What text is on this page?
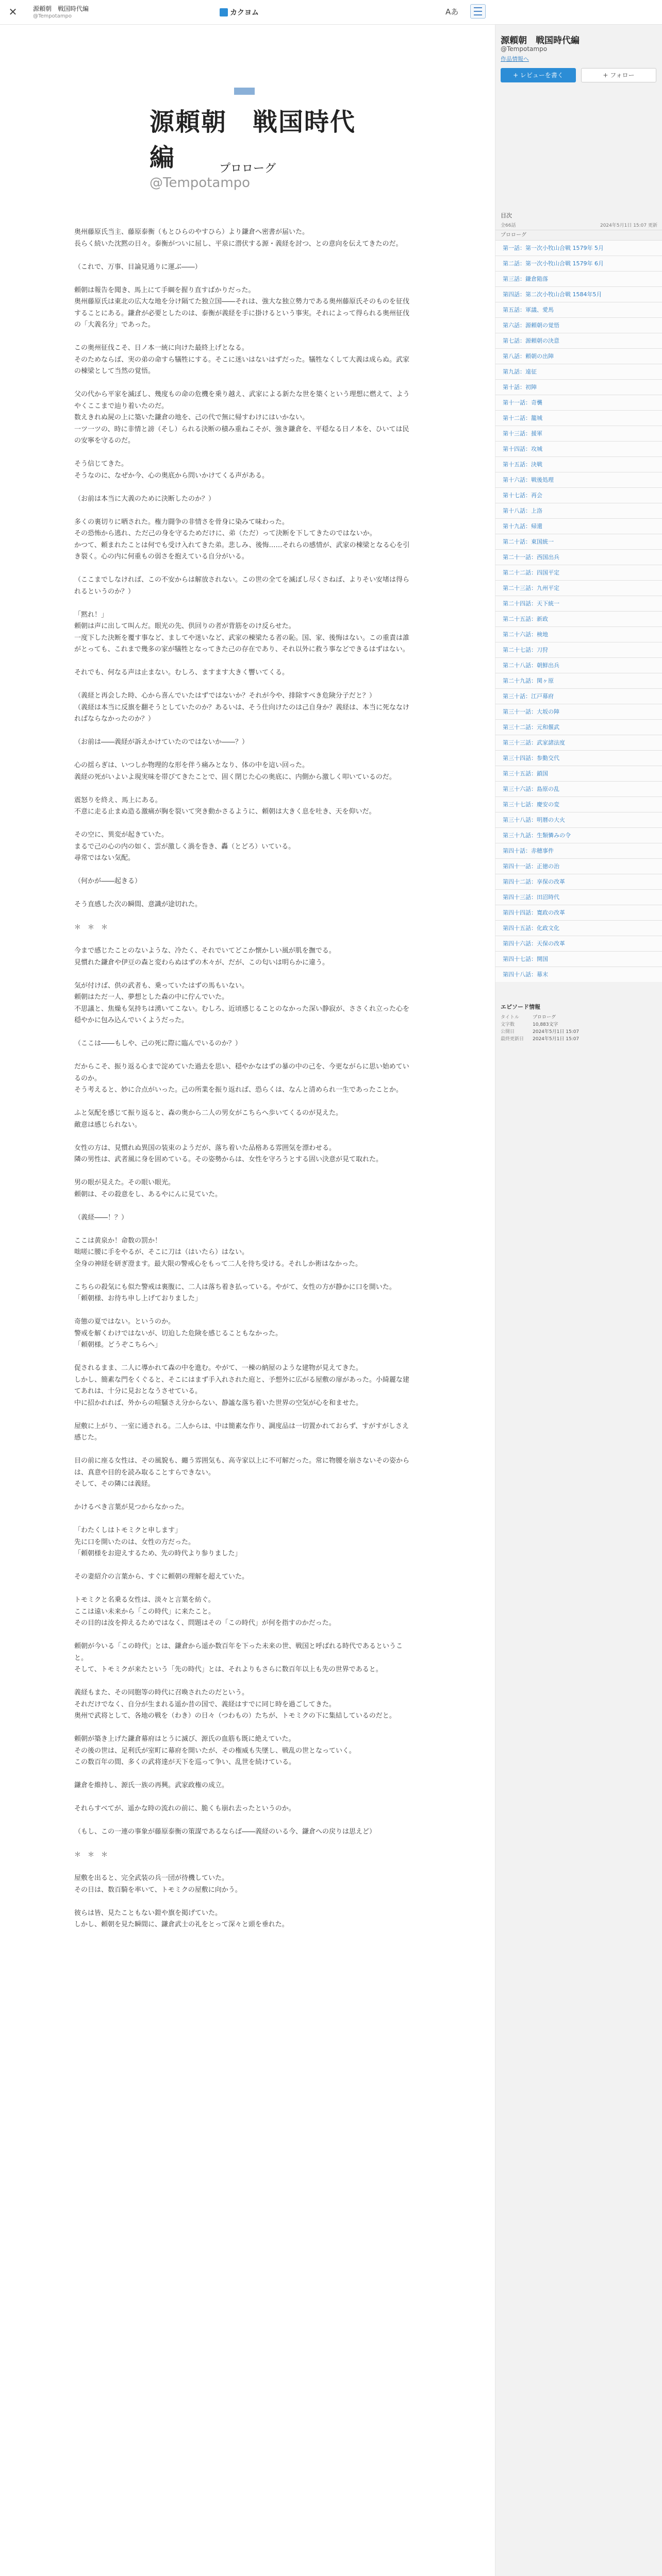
✕	源頼朝　戦国時代編
@Tempotampo	カクヨム	Aあ
源頼朝　戦国時代編
@Tempotampo
プロローグ

奥州藤原氏当主、藤原泰衡（もとひらのやすひら）より鎌倉へ密書が届いた。

長らく続いた沈黙の日々。泰衡がついに屈し、平泉に潜伏する源・義経を討つ、との意向を伝えてきたのだ。

（これで、万事、目論見通りに運ぶ――）

頼朝は報告を聞き、馬上にて手綱を握り直すばかりだった。

奥州藤原氏は東北の広大な地を分け隔てた独立国――それは、強大な独立勢力である奥州藤原氏そのものを征伐することにある。鎌倉が必要としたのは、泰衡が義経を手に掛けるという事実。それによって得られる奥州征伐の「大義名分」であった。

この奥州征伐こそ、日ノ本一統に向けた最終上げとなる。

そのためならば、実の弟の命すら犠牲にする。そこに迷いはないはずだった。犠牲なくして大義は成らぬ。武家の棟梁として当然の覚悟。

父の代から平家を滅ぼし、幾度もの命の危機を乗り越え、武家による新たな世を築くという理想に燃えて、ようやくここまで辿り着いたのだ。

数えきれぬ屍の上に築いた鎌倉の地を、己の代で無に帰すわけにはいかない。

一ツ一ツの、時に非情と謗（そし）られる決断の積み重ねこそが、強き鎌倉を、平穏なる日ノ本を、ひいては民の安寧を守るのだ。

そう信じてきた。

そうなのに、なぜか今、心の奥底から問いかけてくる声がある。

（お前は本当に大義のために決断したのか？）

多くの裏切りに晒された。権力闘争の非情さを骨身に染みて味わった。

その恐怖から逃れ、ただ己の身を守るためだけに、弟（ただ）って決断を下してきたのではないか。

かつて、頼まれたことは何でも受け入れてきた弟。悲しみ、後悔……それらの感情が、武家の棟梁となる心を引き裂く。心の内に何重もの弱さを抱えている自分がいる。

（ここまでしなければ、この不安からは解放されない。この世の全てを滅ぼし尽くさねば、よりそい安堵は得られるというのか？）

「黙れ！」

頼朝は声に出して叫んだ。眼光の先、供回りの者が背筋をのけ反らせた。

一度下した決断を覆す事など、ましてや迷いなど、武家の棟梁たる者の恥。国、家、後悔はない。この重責は誰がとっても、これまで幾多の家が犠牲となってきた己の存在であり、それ以外に救う事などできるはずはない。

それでも、何なる声は止まない。むしろ、ますます大きく響いてくる。

（義経と再会した時、心から喜んでいたはずではないか？それが今や、排除すべき危険分子だと？）

（義経は本当に反旗を翻そうとしていたのか？あるいは、そう仕向けたのは己自身か？義経は、本当に死ななければならなかったのか？）

（お前は――義経が訴えかけていたのではないか――？）

心の揺らぎは、いつしか物理的な形を伴う痛みとなり、体の中を這い回った。

義経の死がいよいよ現実味を帯びてきたことで、固く閉じた心の奥底に、内側から激しく叩いているのだ。

震怒りを終え、馬上にある。

不意に走る止まぬ造る激痛が胸を裂いて突き動かさるように、頼朝は大きく息を吐き、天を仰いだ。

その空に、異変が起きていた。

まるで己の心の内の如く、雲が激しく渦を巻き、轟（とどろ）いている。

尋常ではない気配。

（何かが――起きる）

そう直感した次の瞬間、意識が途切れた。

＊　＊　＊

今まで感じたことのないような、冷たく、それでいてどこか懐かしい風が肌を撫でる。

見慣れた鎌倉や伊豆の森と変わらぬはずの木々が、だが、この匂いは明らかに違う。

気が付けば、供の武者も、乗っていたはずの馬もいない。

頼朝はただ一人、夢想とした森の中に佇んでいた。

不思議と、焦燥も気持ちは湧いてこない。むしろ、近頃感じることのなかった深い静寂が、ささくれ立った心を穏やかに包み込んでいくようだった。

（ここは――もしや、己の死に際に臨んでいるのか？）

だからこそ、振り返る心まで淀めていた過去を思い、穏やかなはずの暴の中の己を、今更ながらに思い始めているのか。

そう考えると、妙に合点がいった。己の所業を振り返れば、恐らくは、なんと清められ一生であったことか。

ふと気配を感じて振り返ると、森の奥から二人の男女がこちらへ歩いてくるのが見えた。

敵意は感じられない。

女性の方は、見慣れぬ異国の装束のようだが、落ち着いた品格ある雰囲気を漂わせる。

隣の男性は、武者風に身を固めている。その姿勢からは、女性を守ろうとする固い決意が見て取れた。

男の眼が見えた。その眼い眼光。

頼朝は、その殺意をし、あるやにんに見ていた。

（義経――！？）

ここは黄泉か！命数の罰か！

咄嗟に腰に手をやるが、そこに刀は（はいたら）はない。

全身の神経を研ぎ澄ます。最大限の警戒心をもって二人を待ち受ける。それしか術はなかった。

こちらの殺気にも似た警戒は裏腹に、二人は落ち着き払っている。やがて、女性の方が静かに口を開いた。

「頼朝様、お待ち申し上げておりました」

奇態の夏ではない。というのか。

警戒を解くわけではないが、切迫した危険を感じることもなかった。

「頼朝様。どうぞこちらへ」

促されるまま、二人に導かれて森の中を進む。やがて、一棟の納屋のような建物が見えてきた。

しかし、簡素な門をくぐると、そこにはまず手入れされた庭と、予想外に広がる屋敷の扉があった。小綺麗な建てあれは、十分に見おとなうさせている。

中に招かれれば、外からの喧騒さえ分からない、静謐な落ち着いた世界の空気が心を和ませた。

屋敷に上がり、一室に通される。二人からは、中は簡素な作り、調度品は一切置かれておらず、すがすがしさえ感じた。

目の前に座る女性は、その風貌も、纏う雰囲気も、高寺家以上に不可解だった。常に物腰を崩さないその姿からは、真意や目的を読み取ることすらできない。

そして、その隣には義経。

かけるべき言葉が見つからなかった。

「わたくしはトモミクと申します」

先に口を開いたのは、女性の方だった。

「頼朝様をお迎えするため、先の時代より参りました」

その妻紹介の言葉から、すぐに頼朝の理解を超えていた。

トモミクと名乗る女性は、淡々と言葉を紡ぐ。

ここは遠い未来から「この時代」に来たこと。

その目的は汝を抑えるためではなく、問題はその「この時代」が何を指すのかだった。

頼朝が今いる「この時代」とは、鎌倉から遥か数百年を下った未来の世、戦国と呼ばれる時代であるということ。

そして、トモミクが来たという「先の時代」とは、それよりもさらに数百年以上も先の世界であると。

義経もまた、その同胞等の時代に召喚されたのだという。

それだけでなく、自分が生まれる遥か昔の国で、義経はすでに同じ時を過ごしてきた。

奥州で武将として、各地の戦を（わき）の日々（つわもの）たちが、トモミクの下に集結しているのだと。

頼朝が築き上げた鎌倉幕府はとうに滅び、源氏の血筋も既に絶えていた。

その後の世は、足利氏が室町に幕府を開いたが、その権威も失墜し、戦乱の世となっていく。

この数百年の間、多くの武将達が天下を巡って争い、乱世を続けている。

鎌倉を維持し、源氏一族の再興。武家政権の成立。

それらすべてが、遥かな時の流れの前に、脆くも崩れ去ったというのか。

（もし、この一連の事象が藤原泰衡の策謀であるならば――義経のいる今、鎌倉への戻りは思えど）

＊　＊　＊

屋敷を出ると、完全武装の兵一団が待機していた。

その日は、数百騎を率いて、トモミクの屋敷に向かう。

彼らは皆、見たこともない鎧や旗を掲げていた。

しかし、頼朝を見た瞬間に、鎌倉武士の礼をとって深々と頭を垂れた。

源頼朝　戦国時代編
@Tempotampo
作品情報へ
+ レビューを書く	+ フォロー
目次
全66話	2024年5月1日 15:07 更新
プロローグ
第一話：第一次小牧山合戦 1579年 5月
第二話：第一次小牧山合戦 1579年 6月
第三話：鎌倉陥落
第四話：第二次小牧山合戦 1584年5月
第五話：軍議、愛馬
第六話：源頼朝の覚悟
第七話：源頼朝の決意
第八話：頼朝の出陣
第九話：遠征
第十話：初陣
第十一話：奇襲
第十二話：籠城
第十三話：援軍
第十四話：攻城
第十五話：決戦
第十六話：戦後処理
第十七話：再会
第十八話：上洛
第十九話：帰還
第二十話：東国統一
第二十一話：西国出兵
第二十二話：四国平定
第二十三話：九州平定
第二十四話：天下統一
第二十五話：新政
第二十六話：検地
第二十七話：刀狩
第二十八話：朝鮮出兵
第二十九話：関ヶ原
第三十話：江戸幕府
第三十一話：大坂の陣
第三十二話：元和偃武
第三十三話：武家諸法度
第三十四話：参勤交代
第三十五話：鎖国
第三十六話：島原の乱
第三十七話：慶安の変
第三十八話：明暦の大火
第三十九話：生類憐みの令
第四十話：赤穂事件
第四十一話：正徳の治
第四十二話：享保の改革
第四十三話：田沼時代
第四十四話：寛政の改革
第四十五話：化政文化
第四十六話：天保の改革
第四十七話：開国
第四十八話：幕末
エピソード情報
タイトル	プロローグ
文字数	10,883文字
公開日	2024年5月1日 15:07
最終更新日	2024年5月1日 15:07
